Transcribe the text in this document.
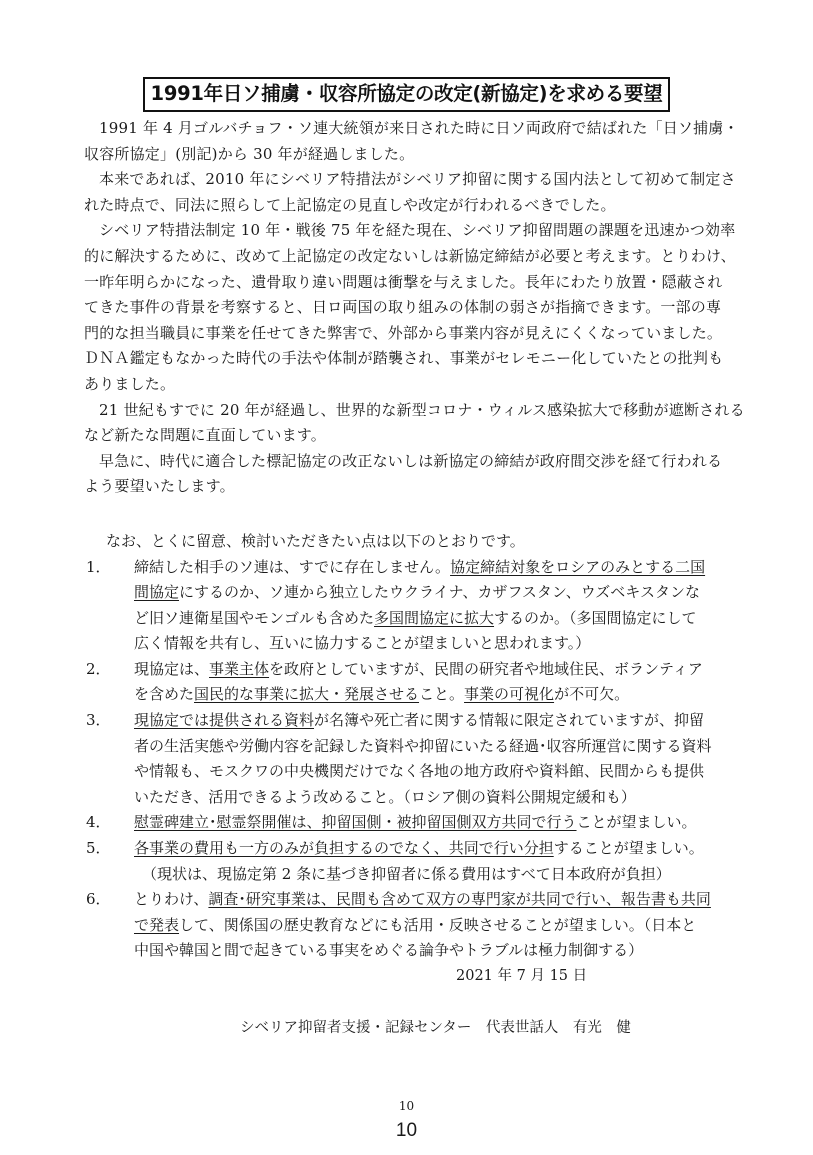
1991年日ソ捕虜・収容所協定の改定(新協定)を求める要望

1991 年 4 月ゴルバチョフ・ソ連大統領が来日された時に日ソ両政府で結ばれた「日ソ捕虜・
収容所協定」(別記)から 30 年が経過しました。

本来であれば、2010 年にシベリア特措法がシベリア抑留に関する国内法として初めて制定さ
れた時点で、同法に照らして上記協定の見直しや改定が行われるべきでした。

シベリア特措法制定 10 年・戦後 75 年を経た現在、シベリア抑留問題の課題を迅速かつ効率
的に解決するために、改めて上記協定の改定ないしは新協定締結が必要と考えます。とりわけ、
一昨年明らかになった、遺骨取り違い問題は衝撃を与えました。長年にわたり放置・隠蔽され
てきた事件の背景を考察すると、日ロ両国の取り組みの体制の弱さが指摘できます。一部の専
門的な担当職員に事業を任せてきた弊害で、外部から事業内容が見えにくくなっていました。
ＤＮＡ鑑定もなかった時代の手法や体制が踏襲され、事業がセレモニー化していたとの批判も
ありました。

21 世紀もすでに 20 年が経過し、世界的な新型コロナ・ウィルス感染拡大で移動が遮断される
など新たな問題に直面しています。

早急に、時代に適合した標記協定の改正ないしは新協定の締結が政府間交渉を経て行われる
よう要望いたします。

なお、とくに留意、検討いただきたい点は以下のとおりです。
1．	締結した相手のソ連は、すでに存在しません。協定締結対象をロシアのみとする二国
間協定にするのか、ソ連から独立したウクライナ、カザフスタン、ウズベキスタンな
ど旧ソ連衛星国やモンゴルも含めた多国間協定に拡大するのか。（多国間協定にして
広く情報を共有し、互いに協力することが望ましいと思われます。）
2．	現協定は、事業主体を政府としていますが、民間の研究者や地域住民、ボランティア
を含めた国民的な事業に拡大・発展させること。事業の可視化が不可欠。
3．	現協定では提供される資料が名簿や死亡者に関する情報に限定されていますが、抑留
者の生活実態や労働内容を記録した資料や抑留にいたる経過･収容所運営に関する資料
や情報も、モスクワの中央機関だけでなく各地の地方政府や資料館、民間からも提供
いただき、活用できるよう改めること。（ロシア側の資料公開規定緩和も）
4．	慰霊碑建立･慰霊祭開催は、抑留国側・被抑留国側双方共同で行うことが望ましい。
5．	各事業の費用も一方のみが負担するのでなく、共同で行い分担することが望ましい。
（現状は、現協定第 2 条に基づき抑留者に係る費用はすべて日本政府が負担）
6．	とりわけ、調査･研究事業は、民間も含めて双方の専門家が共同で行い、報告書も共同
で発表して、関係国の歴史教育などにも活用・反映させることが望ましい。（日本と
中国や韓国と間で起きている事実をめぐる論争やトラブルは極力制御する）
2021 年 7 月 15 日
シベリア抑留者支援・記録センター　代表世話人　有光　健
10
10
